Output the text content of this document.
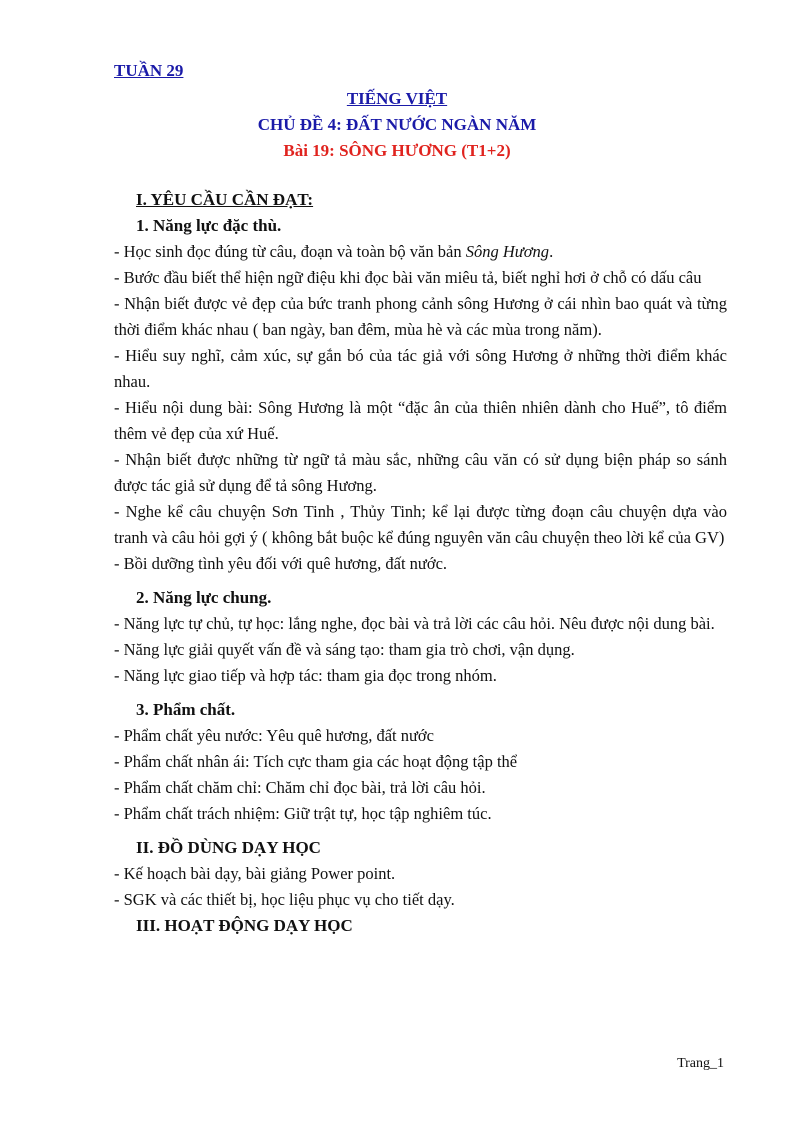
TUẦN 29
TIẾNG VIỆT
CHỦ ĐỀ 4: ĐẤT NƯỚC NGÀN NĂM
Bài 19: SÔNG HƯƠNG (T1+2)

I. YÊU CẦU CẦN ĐẠT:

1. Năng lực đặc thù.

- Học sinh đọc đúng từ câu, đoạn và toàn bộ văn bản Sông Hương.

- Bước đầu biết thể hiện ngữ điệu khi đọc bài văn miêu tả, biết nghỉ hơi ở chỗ có dấu câu

- Nhận biết được vẻ đẹp của bức tranh phong cảnh sông Hương ở cái nhìn bao quát và từng thời điểm khác nhau ( ban ngày, ban đêm, mùa hè và các mùa trong năm).

- Hiểu suy nghĩ, cảm xúc, sự gắn bó của tác giả với sông Hương ở những thời điểm khác nhau.

- Hiểu nội dung bài: Sông Hương là một “đặc ân của thiên nhiên dành cho Huế”, tô điểm thêm vẻ đẹp của xứ Huế.

- Nhận biết được những từ ngữ tả màu sắc, những câu văn có sử dụng biện pháp so sánh được tác giả sử dụng để tả sông Hương.

- Nghe kể câu chuyện Sơn Tinh , Thủy Tinh; kể lại được từng đoạn câu chuyện dựa vào tranh và câu hỏi gợi ý ( không bắt buộc kể đúng nguyên văn câu chuyện theo lời kể của GV)

- Bồi dưỡng tình yêu đối với quê hương, đất nước.

2. Năng lực chung.

- Năng lực tự chủ, tự học: lắng nghe, đọc bài và trả lời các câu hỏi. Nêu được nội dung bài.

- Năng lực giải quyết vấn đề và sáng tạo: tham gia trò chơi, vận dụng.

- Năng lực giao tiếp và hợp tác: tham gia đọc trong nhóm.

3. Phẩm chất.

- Phẩm chất yêu nước: Yêu quê hương, đất nước

- Phẩm chất nhân ái: Tích cực tham gia các hoạt động tập thể

- Phẩm chất chăm chỉ: Chăm chỉ đọc bài, trả lời câu hỏi.

- Phẩm chất trách nhiệm: Giữ trật tự, học tập nghiêm túc.

II. ĐỒ DÙNG DẠY HỌC

- Kế hoạch bài dạy, bài giảng Power point.

- SGK và các thiết bị, học liệu phục vụ cho tiết dạy.

III. HOẠT ĐỘNG DẠY HỌC

Trang_1
